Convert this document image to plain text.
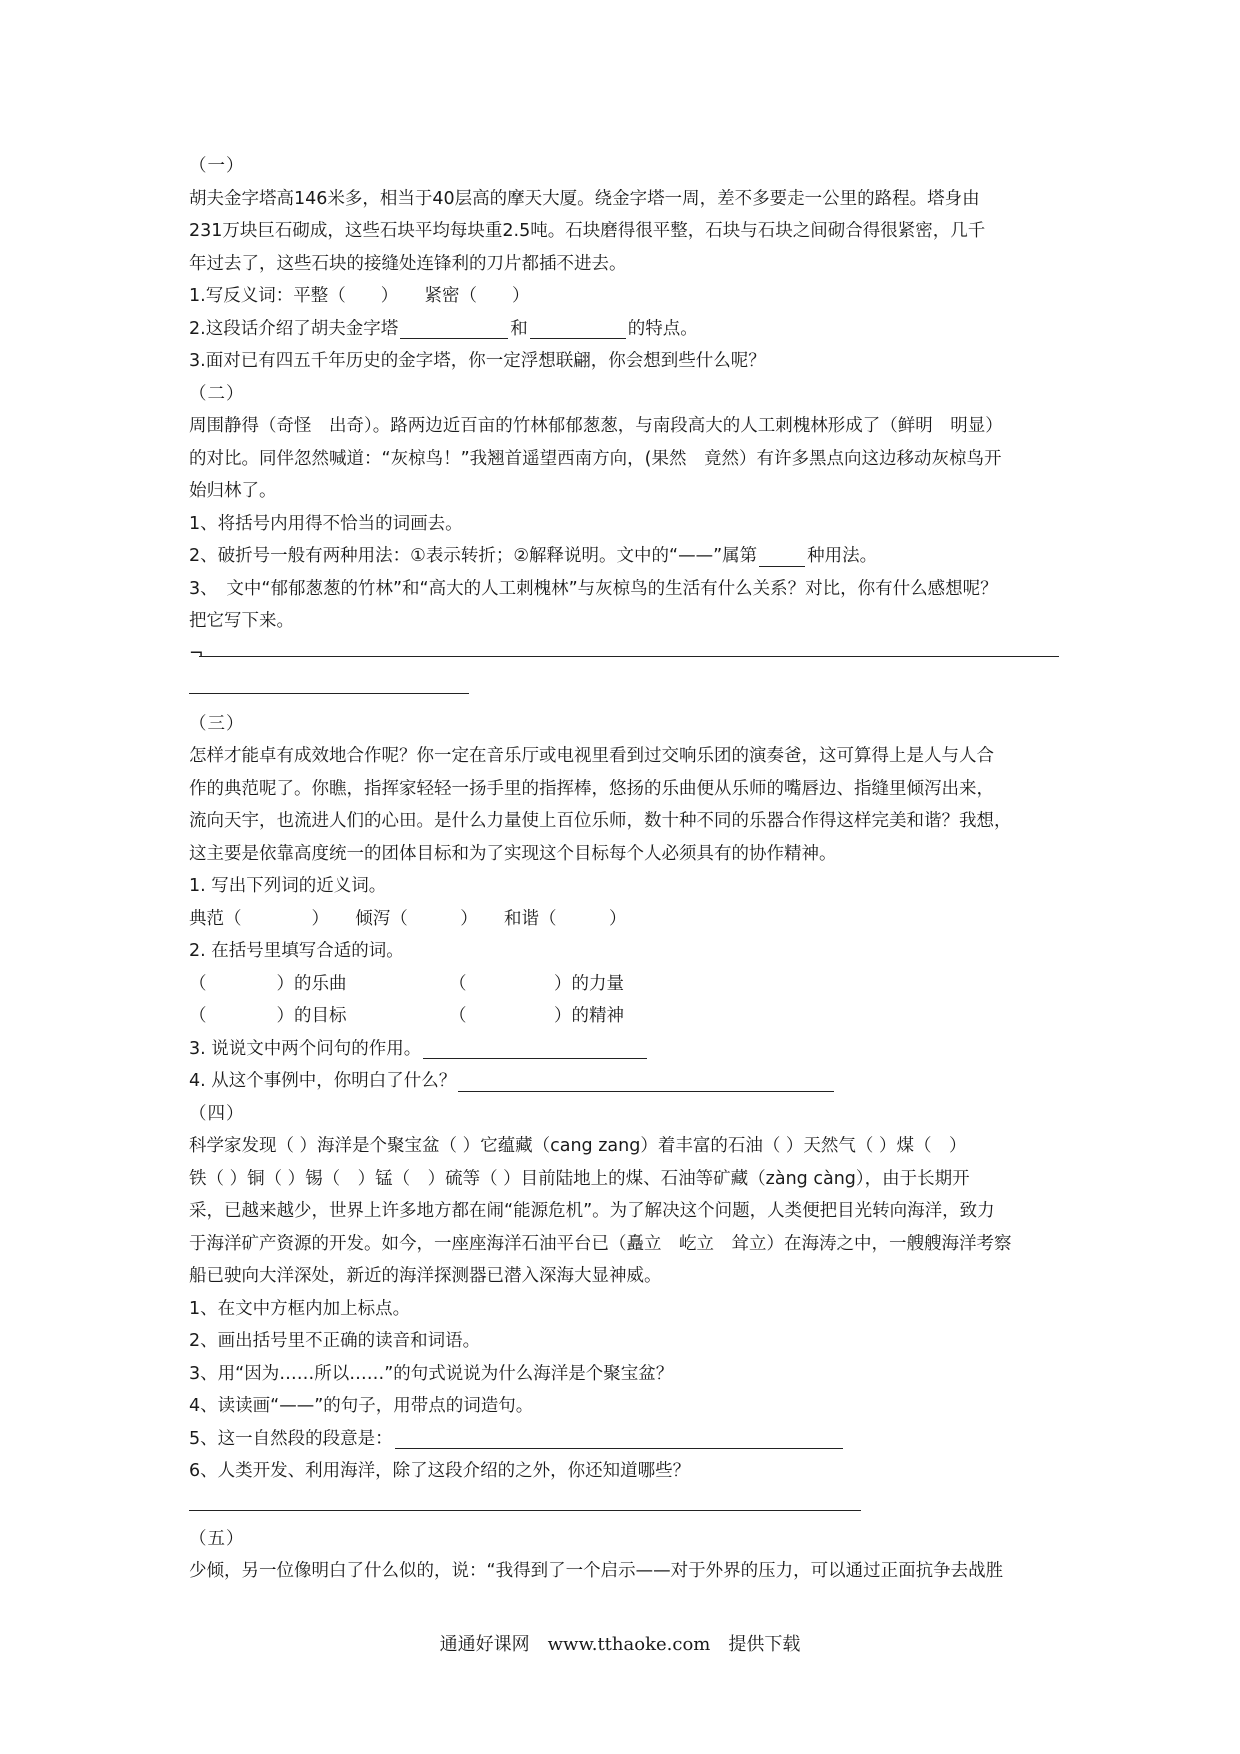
（一）
胡夫金字塔高146米多，相当于40层高的摩天大厦。绕金字塔一周，差不多要走一公里的路程。塔身由
231万块巨石砌成，这些石块平均每块重2.5吨。石块磨得很平整，石块与石块之间砌合得很紧密，几千
年过去了，这些石块的接缝处连锋利的刀片都插不进去。
1.写反义词：平整（　　）　　紧密（　　）
2.这段话介绍了胡夫金字塔	和	的特点。
3.面对已有四五千年历史的金字塔，你一定浮想联翩，你会想到些什么呢？
（二）
周围静得（奇怪　出奇）。路两边近百亩的竹林郁郁葱葱，与南段高大的人工刺槐林形成了（鲜明　明显）
的对比。同伴忽然喊道：“灰椋鸟！”我翘首遥望西南方向，(果然　竟然）有许多黑点向这边移动灰椋鸟开
始归林了。
1、将括号内用得不恰当的词画去。
2、破折号一般有两种用法：①表示转折；②解释说明。文中的“——”属第	种用法。
3、　文中“郁郁葱葱的竹林”和“高大的人工刺槐林”与灰椋鸟的生活有什么关系？对比，你有什么感想呢？
把它写下来。
¬
（三）
怎样才能卓有成效地合作呢？你一定在音乐厅或电视里看到过交响乐团的演奏爸，这可算得上是人与人合
作的典范呢了。你瞧，指挥家轻轻一扬手里的指挥棒，悠扬的乐曲便从乐师的嘴唇边、指缝里倾泻出来，
流向天宇，也流进人们的心田。是什么力量使上百位乐师，数十种不同的乐器合作得这样完美和谐？我想，
这主要是依靠高度统一的团体目标和为了实现这个目标每个人必须具有的协作精神。
1. 写出下列词的近义词。
典范（　　　　）　　倾泻（　　　）　　和谐（　　　）
2. 在括号里填写合适的词。
（　　　　）的乐曲	（　　　　　）的力量
（　　　　）的目标	（　　　　　）的精神
3. 说说文中两个问句的作用。
4. 从这个事例中，你明白了什么？
（四）
科学家发现（ ）海洋是个聚宝盆（ ）它蕴藏（cang zang）着丰富的石油（ ）天然气（ ）煤（　）
铁（ ）铜（ ）锡（　）锰（　）硫等（ ）目前陆地上的煤、石油等矿藏（zàng càng），由于长期开
采，已越来越少，世界上许多地方都在闹“能源危机”。为了解决这个问题，人类便把目光转向海洋，致力
于海洋矿产资源的开发。如今，一座座海洋石油平台已（矗立　屹立　耸立）在海涛之中，一艘艘海洋考察
船已驶向大洋深处，新近的海洋探测器已潜入深海大显神威。
1、在文中方框内加上标点。
2、画出括号里不正确的读音和词语。
3、用“因为……所以……”的句式说说为什么海洋是个聚宝盆？
4、读读画“——”的句子，用带点的词造句。
5、这一自然段的段意是：
6、人类开发、利用海洋，除了这段介绍的之外，你还知道哪些？
（五）
少倾，另一位像明白了什么似的，说：“我得到了一个启示——对于外界的压力，可以通过正面抗争去战胜
通通好课网　www.tthaoke.com　提供下载
